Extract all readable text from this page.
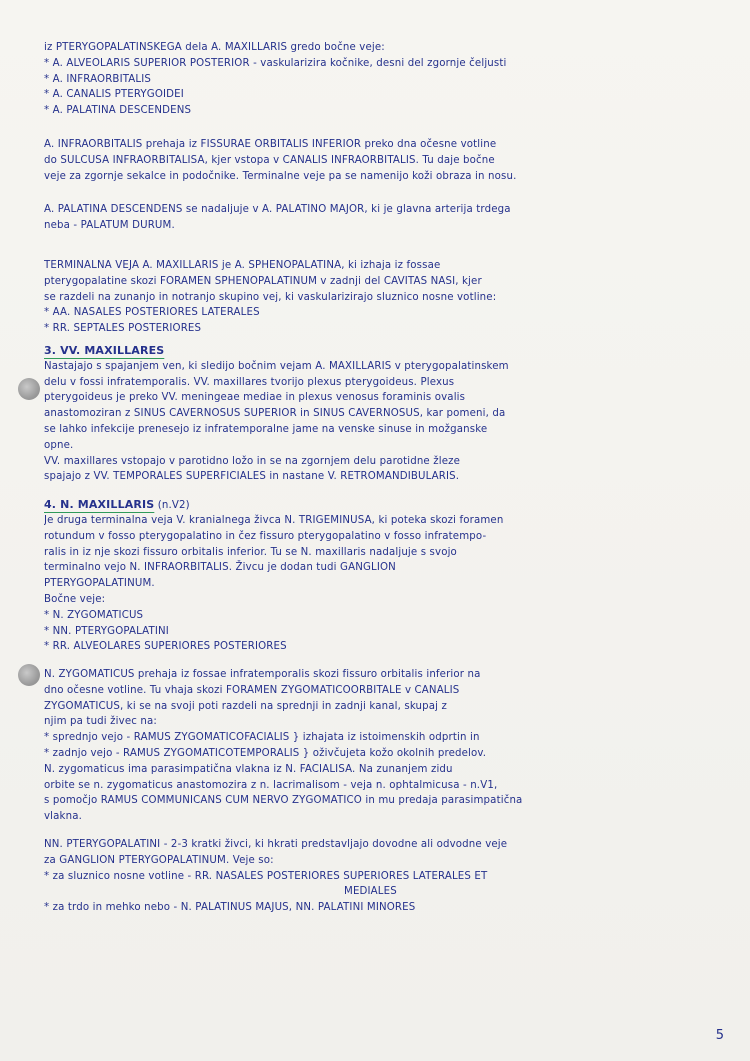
iz PTERYGOPALATINSKEGA dela A. MAXILLARIS gredo bočne veje:
* A. ALVEOLARIS SUPERIOR POSTERIOR - vaskularizira kočnike, desni del zgornje čeljusti
* A. INFRAORBITALIS
* A. CANALIS PTERYGOIDEI
* A. PALATINA DESCENDENS
A. INFRAORBITALIS prehaja iz FISSURAE ORBITALIS INFERIOR preko dna očesne votline
do SULCUSA INFRAORBITALISA, kjer vstopa v CANALIS INFRAORBITALIS. Tu daje bočne
veje za zgornje sekalce in podočnike. Terminalne veje pa se namenijo koži obraza in nosu.
A. PALATINA DESCENDENS se nadaljuje v A. PALATINO MAJOR, ki je glavna arterija trdega
neba - PALATUM DURUM.
TERMINALNA VEJA A. MAXILLARIS je A. SPHENOPALATINA, ki izhaja iz fossae
pterygopalatine skozi FORAMEN SPHENOPALATINUM v zadnji del CAVITAS NASI, kjer
se razdeli na zunanjo in notranjo skupino vej, ki vaskularizirajo sluznico nosne votline:
* AA. NASALES POSTERIORES LATERALES
* RR. SEPTALES POSTERIORES
3. VV. MAXILLARES
Nastajajo s spajanjem ven, ki sledijo bočnim vejam A. MAXILLARIS v pterygopalatinskem
delu v fossi infratemporalis. VV. maxillares tvorijo plexus pterygoideus. Plexus
pterygoideus je preko VV. meningeae mediae in plexus venosus foraminis ovalis
anastomoziran z SINUS CAVERNOSUS SUPERIOR in SINUS CAVERNOSUS, kar pomeni, da
se lahko infekcije prenesejo iz infratemporalne jame na venske sinuse in možganske
opne.
VV. maxillares vstopajo v parotidno ložo in se na zgornjem delu parotidne žleze
spajajo z VV. TEMPORALES SUPERFICIALES in nastane V. RETROMANDIBULARIS.
4. N. MAXILLARIS (n.V2)
Je druga terminalna veja V. kranialnega živca N. TRIGEMINUSA, ki poteka skozi foramen
rotundum v fosso pterygopalatino in čez fissuro pterygopalatino v fosso infratempo-
ralis in iz nje skozi fissuro orbitalis inferior. Tu se N. maxillaris nadaljuje s svojo
terminalno vejo N. INFRAORBITALIS. Živcu je dodan tudi GANGLION
PTERYGOPALATINUM.
Bočne veje:
* N. ZYGOMATICUS
* NN. PTERYGOPALATINI
* RR. ALVEOLARES SUPERIORES POSTERIORES
N. ZYGOMATICUS prehaja iz fossae infratemporalis skozi fissuro orbitalis inferior na
dno očesne votline. Tu vhaja skozi FORAMEN ZYGOMATICOORBITALE v CANALIS
ZYGOMATICUS, ki se na svoji poti razdeli na sprednji in zadnji kanal, skupaj z
njim pa tudi živec na:
* sprednjo vejo - RAMUS ZYGOMATICOFACIALIS } izhajata iz istoimenskih odprtin in
* zadnjo vejo - RAMUS ZYGOMATICOTEMPORALIS } oživčujeta kožo okolnih predelov.
N. zygomaticus ima parasimpatična vlakna iz N. FACIALISA. Na zunanjem zidu
orbite se n. zygomaticus anastomozira z n. lacrimalisom - veja n. ophtalmicusa - n.V1,
s pomočjo RAMUS COMMUNICANS CUM NERVO ZYGOMATICO in mu predaja parasimpatična
vlakna.
NN. PTERYGOPALATINI - 2-3 kratki živci, ki hkrati predstavljajo dovodne ali odvodne veje
za GANGLION PTERYGOPALATINUM. Veje so:
* za sluznico nosne votline - RR. NASALES POSTERIORES SUPERIORES LATERALES ET
MEDIALES
* za trdo in mehko nebo - N. PALATINUS MAJUS, NN. PALATINI MINORES
5
